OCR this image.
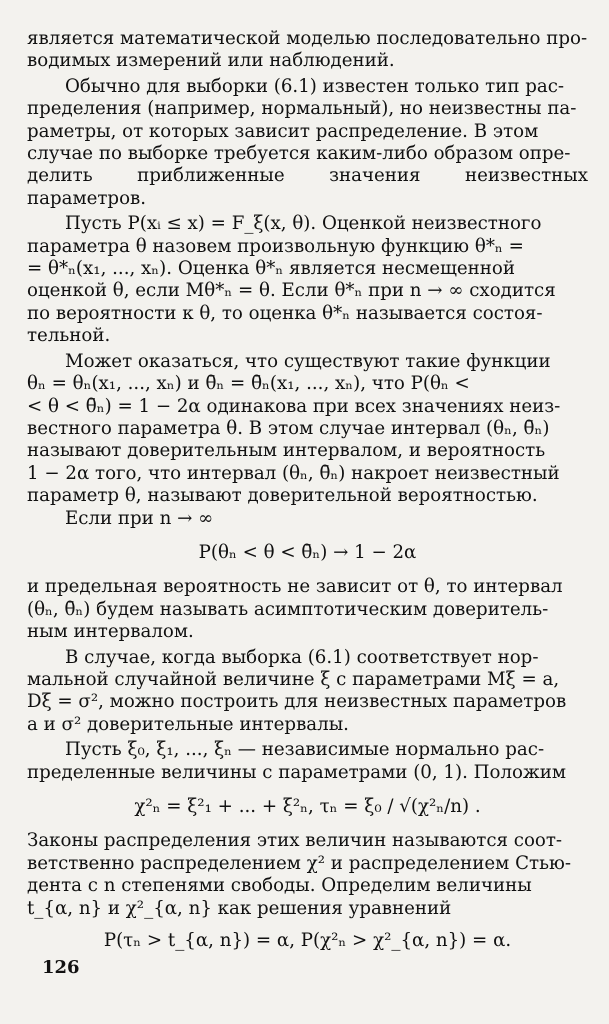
является математической моделью последовательно про-
водимых измерений или наблюдений.
Обычно для выборки (6.1) известен только тип рас-
пределения (например, нормальный), но неизвестны па-
раметры, от которых зависит распределение. В этом
случае по выборке требуется каким-либо образом опре-
делить приближенные значения неизвестных параметров.
Пусть P(xᵢ ≤ x) = F_ξ(x, θ). Оценкой неизвестного
параметра θ назовем произвольную функцию θ*ₙ =
= θ*ₙ(x₁, ..., xₙ). Оценка θ*ₙ является несмещенной
оценкой θ, если Mθ*ₙ = θ. Если θ*ₙ при n → ∞ сходится
по вероятности к θ, то оценка θ*ₙ называется состоя-
тельной.
Может оказаться, что существуют такие функции
θₙ = θₙ(x₁, ..., xₙ) и θ̄ₙ = θ̄ₙ(x₁, ..., xₙ), что P(θₙ <
< θ < θ̄ₙ) = 1 − 2α одинакова при всех значениях неиз-
вестного параметра θ. В этом случае интервал (θₙ, θ̄ₙ)
называют доверительным интервалом, и вероятность
1 − 2α того, что интервал (θₙ, θ̄ₙ) накроет неизвестный
параметр θ, называют доверительной вероятностью.
Если при n → ∞
P(θₙ < θ < θ̄ₙ) → 1 − 2α
и предельная вероятность не зависит от θ, то интервал
(θₙ, θ̄ₙ) будем называть асимптотическим доверитель-
ным интервалом.
В случае, когда выборка (6.1) соответствует нор-
мальной случайной величине ξ с параметрами Mξ = a,
Dξ = σ², можно построить для неизвестных параметров
a и σ² доверительные интервалы.
Пусть ξ₀, ξ₁, ..., ξₙ — независимые нормально рас-
пределенные величины с параметрами (0, 1). Положим
χ²ₙ = ξ²₁ + ... + ξ²ₙ, τₙ = ξ₀ / √(χ²ₙ/n) .
Законы распределения этих величин называются соот-
ветственно распределением χ² и распределением Стью-
дента с n степенями свободы. Определим величины
t_{α, n} и χ²_{α, n} как решения уравнений
P(τₙ > t_{α, n}) = α, P(χ²ₙ > χ²_{α, n}) = α.
126
